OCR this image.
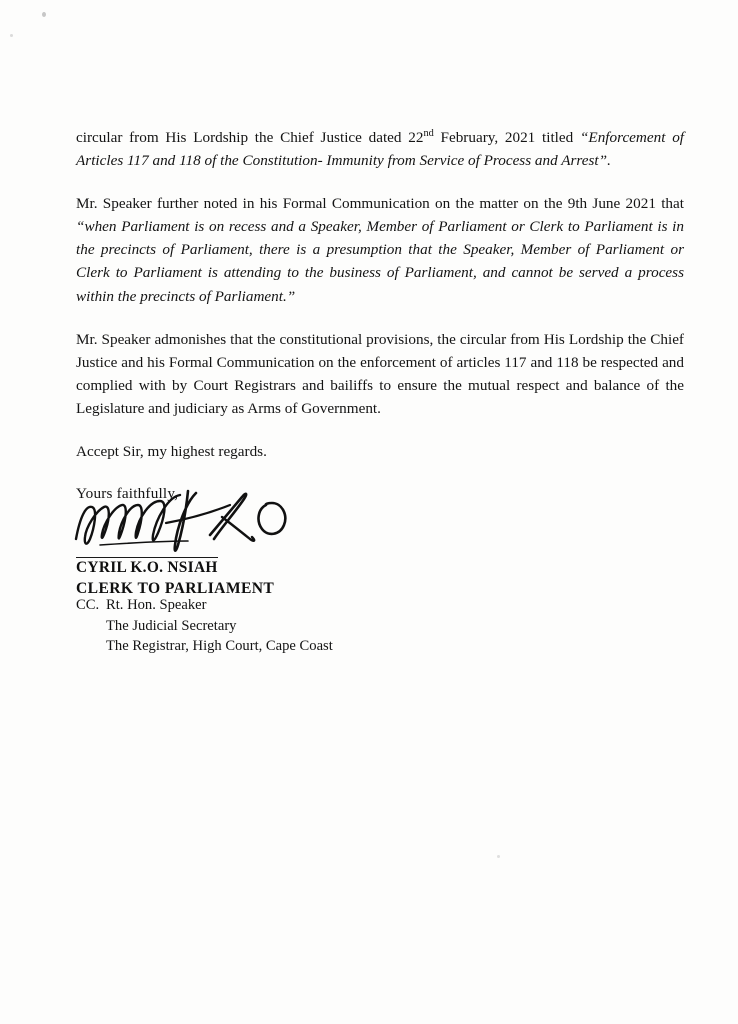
circular from His Lordship the Chief Justice dated 22nd February, 2021 titled “Enforcement of Articles 117 and 118 of the Constitution- Immunity from Service of Process and Arrest”.

Mr. Speaker further noted in his Formal Communication on the matter on the 9th June 2021 that “when Parliament is on recess and a Speaker, Member of Parliament or Clerk to Parliament is in the precincts of Parliament, there is a presumption that the Speaker, Member of Parliament or Clerk to Parliament is attending to the business of Parliament, and cannot be served a process within the precincts of Parliament.”

Mr. Speaker admonishes that the constitutional provisions, the circular from His Lordship the Chief Justice and his Formal Communication on the enforcement of articles 117 and 118 be respected and complied with by Court Registrars and bailiffs to ensure the mutual respect and balance of the Legislature and judiciary as Arms of Government.

Accept Sir, my highest regards.

Yours faithfully,
CYRIL K.O. NSIAH
CLERK TO PARLIAMENT
CC. Rt. Hon. Speaker
The Judicial Secretary
The Registrar, High Court, Cape Coast
